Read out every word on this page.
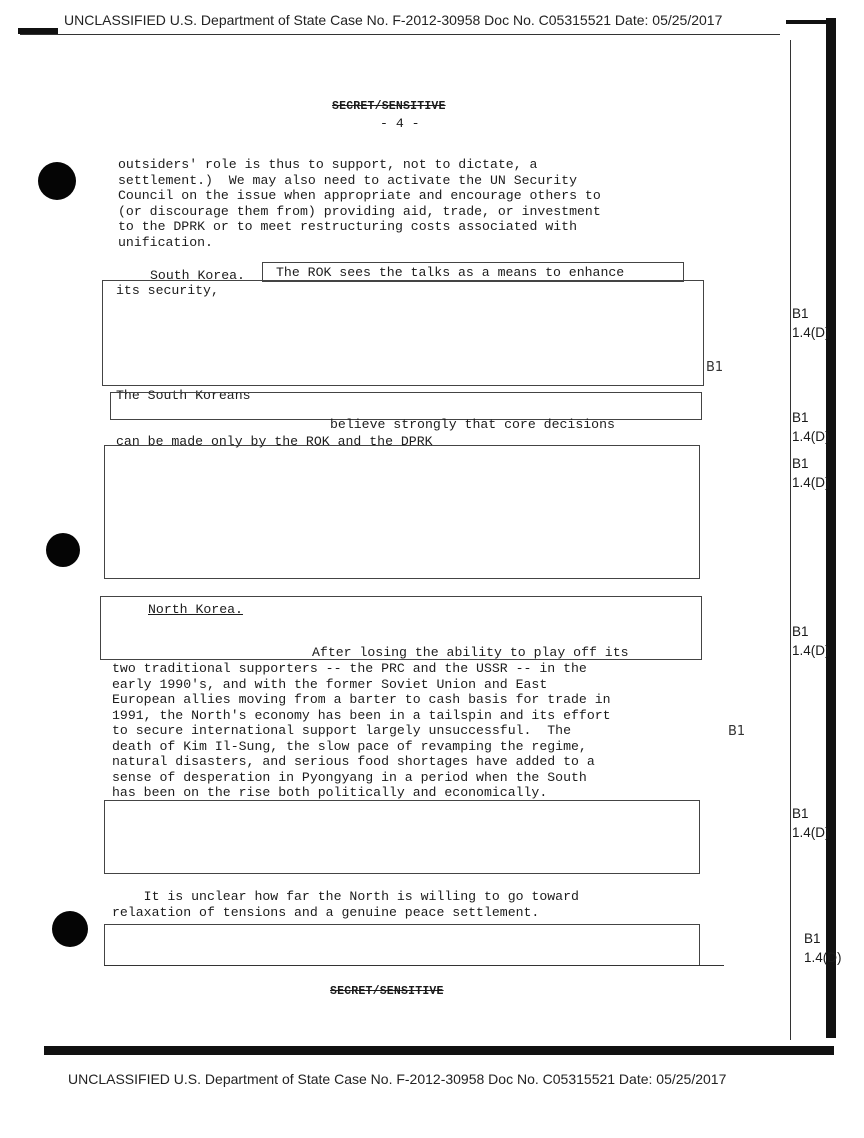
UNCLASSIFIED U.S. Department of State Case No. F-2012-30958 Doc No. C05315521 Date: 05/25/2017
SECRET/SENSITIVE
- 4 -
outsiders' role is thus to support, not to dictate, a
settlement.)  We may also need to activate the UN Security
Council on the issue when appropriate and encourage others to
(or discourage them from) providing aid, trade, or investment
to the DPRK or to meet restructuring costs associated with
unification.
South Korea. The ROK sees the talks as a means to enhance
its security,
B1
The South Koreans
believe strongly that core decisions
can be made only by the ROK and the DPRK
North Korea.
After losing the ability to play off its
two traditional supporters -- the PRC and the USSR -- in the
early 1990's, and with the former Soviet Union and East
European allies moving from a barter to cash basis for trade in
1991, the North's economy has been in a tailspin and its effort
to secure international support largely unsuccessful.  The
death of Kim Il-Sung, the slow pace of revamping the regime,
natural disasters, and serious food shortages have added to a
sense of desperation in Pyongyang in a period when the South
has been on the rise both politically and economically.
B1
It is unclear how far the North is willing to go toward
relaxation of tensions and a genuine peace settlement.
SECRET/SENSITIVE
UNCLASSIFIED U.S. Department of State Case No. F-2012-30958 Doc No. C05315521 Date: 05/25/2017
B1
1.4(D)
B1
1.4(D)
B1
1.4(D)
B1
1.4(D)
B1
1.4(D)
B1
1.4(D)
